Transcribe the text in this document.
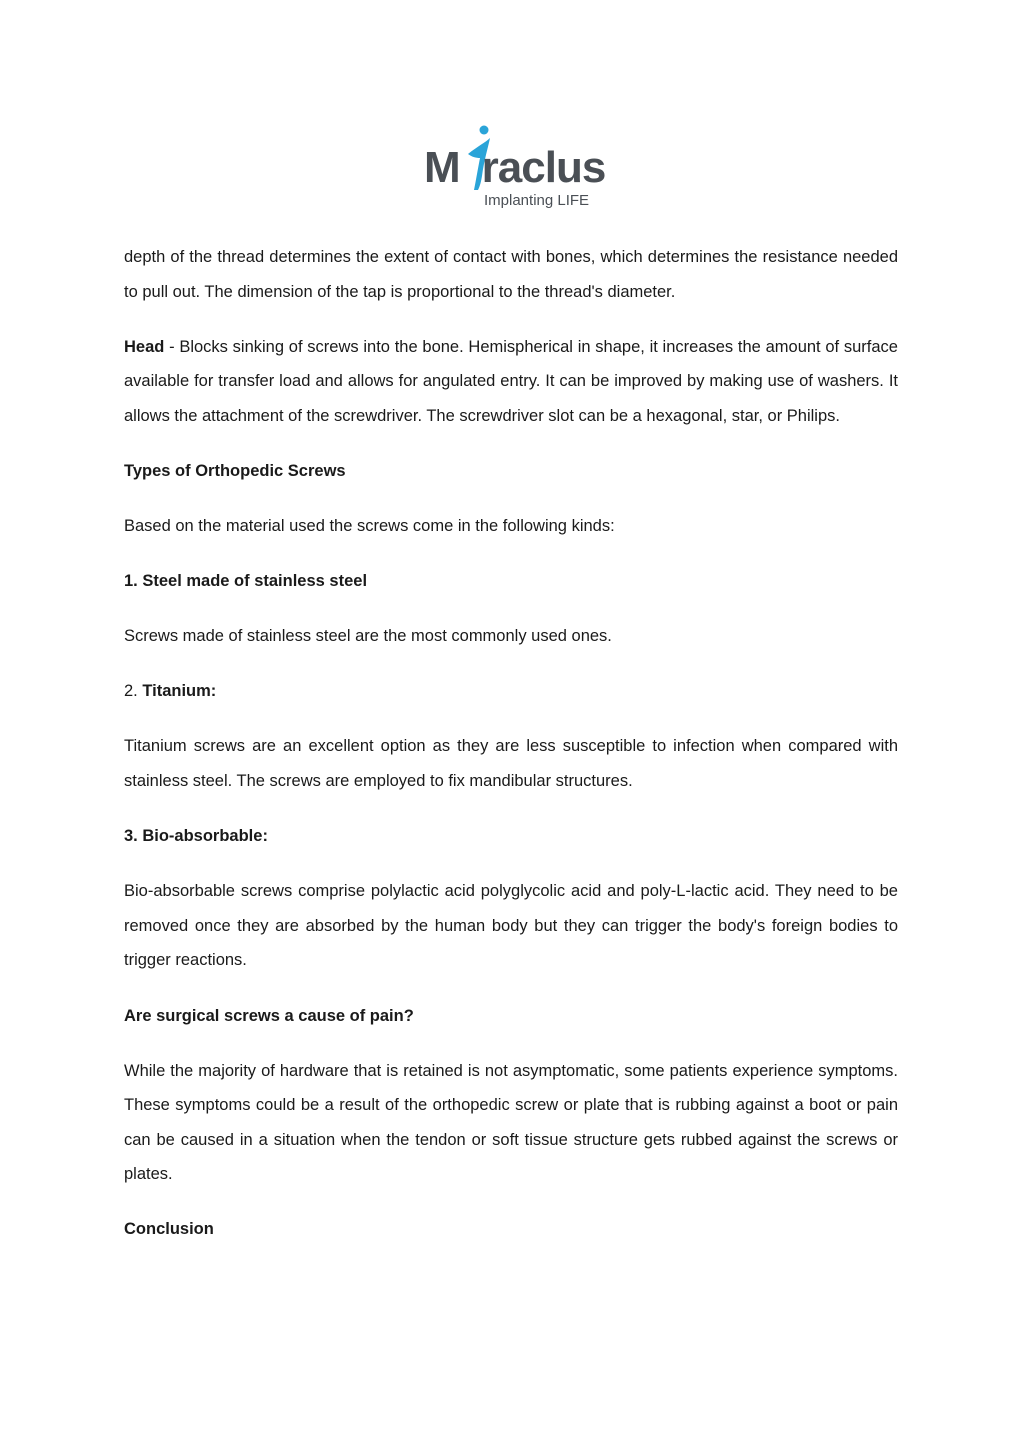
M raclus
Implanting LIFE

depth of the thread determines the extent of contact with bones, which determines the resistance needed to pull out. The dimension of the tap is proportional to the thread's diameter.

Head - Blocks sinking of screws into the bone. Hemispherical in shape, it increases the amount of surface available for transfer load and allows for angulated entry. It can be improved by making use of washers. It allows the attachment of the screwdriver. The screwdriver slot can be a hexagonal, star, or Philips.

Types of Orthopedic Screws

Based on the material used the screws come in the following kinds:

1. Steel made of stainless steel

Screws made of stainless steel are the most commonly used ones.

2. Titanium:

Titanium screws are an excellent option as they are less susceptible to infection when compared with stainless steel. The screws are employed to fix mandibular structures.

3. Bio-absorbable:

Bio-absorbable screws comprise polylactic acid polyglycolic acid and poly-L-lactic acid. They need to be removed once they are absorbed by the human body but they can trigger the body's foreign bodies to trigger reactions.

Are surgical screws a cause of pain?

While the majority of hardware that is retained is not asymptomatic, some patients experience symptoms. These symptoms could be a result of the orthopedic screw or plate that is rubbing against a boot or pain can be caused in a situation when the tendon or soft tissue structure gets rubbed against the screws or plates.

Conclusion
